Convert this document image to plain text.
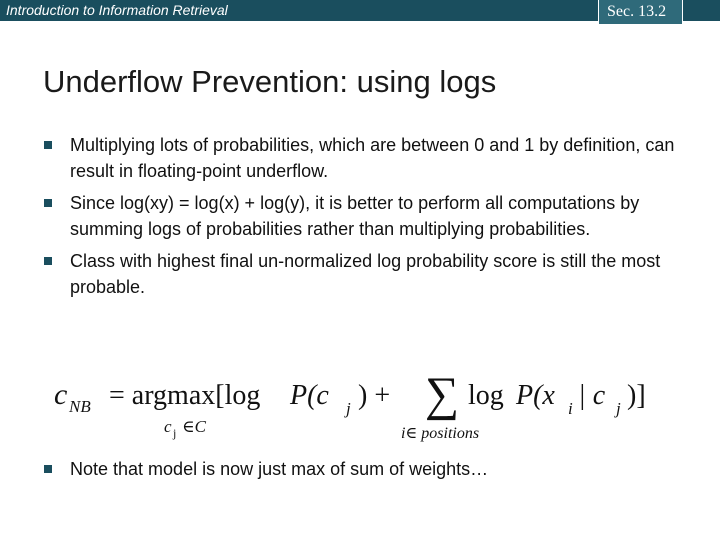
Introduction to Information Retrieval	Sec. 13.2
Underflow Prevention: using logs
Multiplying lots of probabilities, which are between 0 and 1 by definition, can result in floating-point underflow.
Since log(xy) = log(x) + log(y), it is better to perform all computations by summing logs of probabilities rather than multiplying probabilities.
Class with highest final un-normalized log probability score is still the most probable.
c NB = argmax[log P(c j ) + ∑ log P(x i | c j )]
c j ∈C	i∈ positions
Note that model is now just max of sum of weights…
